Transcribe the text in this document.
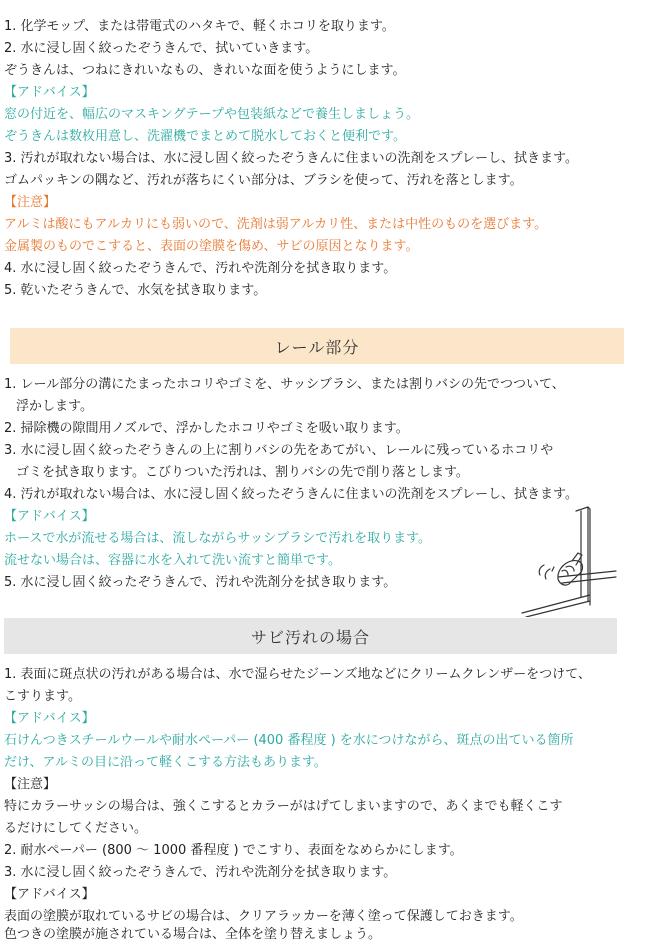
1. 化学モップ、または帯電式のハタキで、軽くホコリを取ります。
2. 水に浸し固く絞ったぞうきんで、拭いていきます。
ぞうきんは、つねにきれいなもの、きれいな面を使うようにします。
【アドバイス】
窓の付近を、幅広のマスキングテープや包装紙などで養生しましょう。
ぞうきんは数枚用意し、洗濯機でまとめて脱水しておくと便利です。
3. 汚れが取れない場合は、水に浸し固く絞ったぞうきんに住まいの洗剤をスプレーし、拭きます。
ゴムパッキンの隅など、汚れが落ちにくい部分は、ブラシを使って、汚れを落とします。
【注意】
アルミは酸にもアルカリにも弱いので、洗剤は弱アルカリ性、または中性のものを選びます。
金属製のものでこすると、表面の塗膜を傷め、サビの原因となります。
4. 水に浸し固く絞ったぞうきんで、汚れや洗剤分を拭き取ります。
5. 乾いたぞうきんで、水気を拭き取ります。
レール部分
1. レール部分の溝にたまったホコリやゴミを、サッシブラシ、または割りバシの先でつついて、
浮かします。
2. 掃除機の隙間用ノズルで、浮かしたホコリやゴミを吸い取ります。
3. 水に浸し固く絞ったぞうきんの上に割りバシの先をあてがい、レールに残っているホコリや
ゴミを拭き取ります。こびりついた汚れは、割りバシの先で削り落とします。
4. 汚れが取れない場合は、水に浸し固く絞ったぞうきんに住まいの洗剤をスプレーし、拭きます。
【アドバイス】
ホースで水が流せる場合は、流しながらサッシブラシで汚れを取ります。
流せない場合は、容器に水を入れて洗い流すと簡単です。
5. 水に浸し固く絞ったぞうきんで、汚れや洗剤分を拭き取ります。
サビ汚れの場合
1. 表面に斑点状の汚れがある場合は、水で湿らせたジーンズ地などにクリームクレンザーをつけて、
こすります。
【アドバイス】
石けんつきスチールウールや耐水ペーパー (400 番程度 ) を水につけながら、斑点の出ている箇所
だけ、アルミの目に沿って軽くこする方法もあります。
【注意】
特にカラーサッシの場合は、強くこするとカラーがはげてしまいますので、あくまでも軽くこす
るだけにしてください。
2. 耐水ペーパー (800 ～ 1000 番程度 ) でこすり、表面をなめらかにします。
3. 水に浸し固く絞ったぞうきんで、汚れや洗剤分を拭き取ります。
【アドバイス】
表面の塗膜が取れているサビの場合は、クリアラッカーを薄く塗って保護しておきます。
色つきの塗膜が施されている場合は、全体を塗り替えましょう。
